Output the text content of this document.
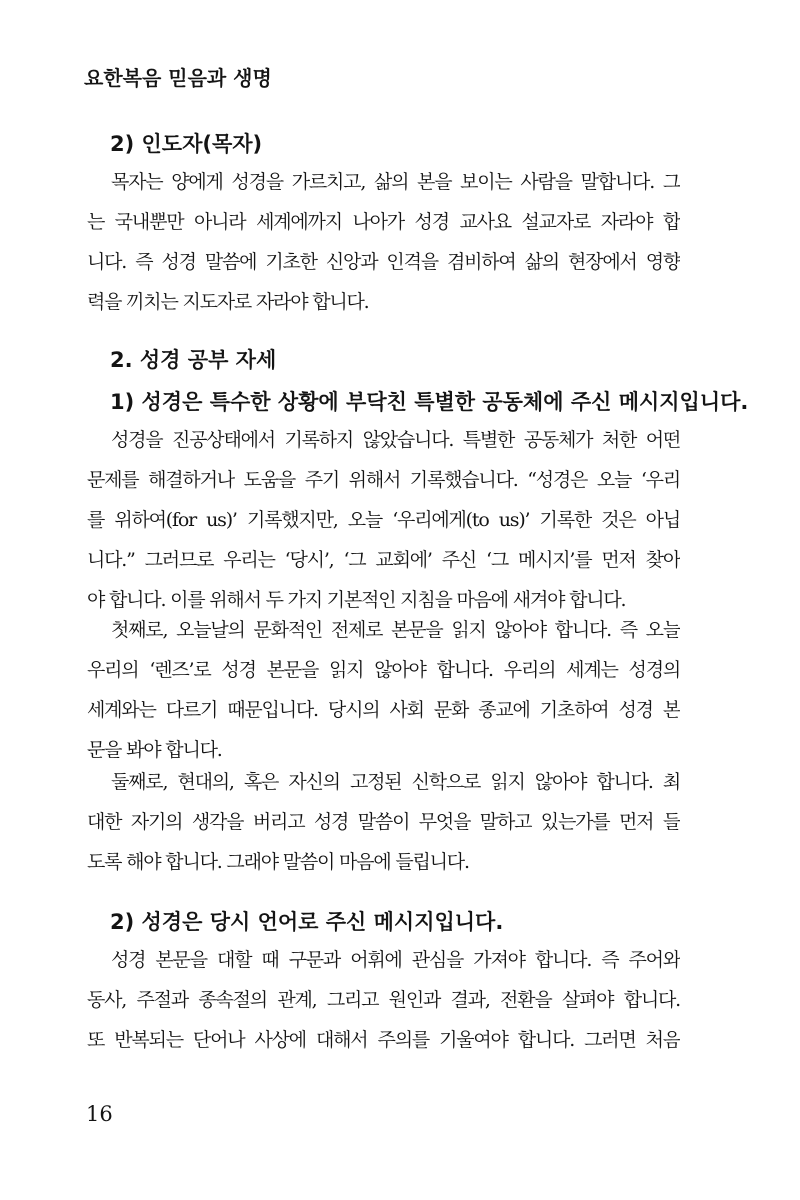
요한복음 믿음과 생명
2) 인도자(목자)
목자는 양에게 성경을 가르치고, 삶의 본을 보이는 사람을 말합니다. 그
는 국내뿐만 아니라 세계에까지 나아가 성경 교사요 설교자로 자라야 합
니다. 즉 성경 말씀에 기초한 신앙과 인격을 겸비하여 삶의 현장에서 영향
력을 끼치는 지도자로 자라야 합니다.
2. 성경 공부 자세
1) 성경은 특수한 상황에 부닥친 특별한 공동체에 주신 메시지입니다.
성경을 진공상태에서 기록하지 않았습니다. 특별한 공동체가 처한 어떤
문제를 해결하거나 도움을 주기 위해서 기록했습니다. “성경은 오늘 ‘우리
를 위하여(for us)’ 기록했지만, 오늘 ‘우리에게(to us)’ 기록한 것은 아닙
니다.” 그러므로 우리는 ‘당시’, ‘그 교회에’ 주신 ‘그 메시지’를 먼저 찾아
야 합니다. 이를 위해서 두 가지 기본적인 지침을 마음에 새겨야 합니다.
첫째로, 오늘날의 문화적인 전제로 본문을 읽지 않아야 합니다. 즉 오늘
우리의 ‘렌즈’로 성경 본문을 읽지 않아야 합니다. 우리의 세계는 성경의
세계와는 다르기 때문입니다. 당시의 사회 문화 종교에 기초하여 성경 본
문을 봐야 합니다.
둘째로, 현대의, 혹은 자신의 고정된 신학으로 읽지 않아야 합니다. 최
대한 자기의 생각을 버리고 성경 말씀이 무엇을 말하고 있는가를 먼저 들
도록 해야 합니다. 그래야 말씀이 마음에 들립니다.
2) 성경은 당시 언어로 주신 메시지입니다.
성경 본문을 대할 때 구문과 어휘에 관심을 가져야 합니다. 즉 주어와
동사, 주절과 종속절의 관계, 그리고 원인과 결과, 전환을 살펴야 합니다.
또 반복되는 단어나 사상에 대해서 주의를 기울여야 합니다. 그러면 처음
16
